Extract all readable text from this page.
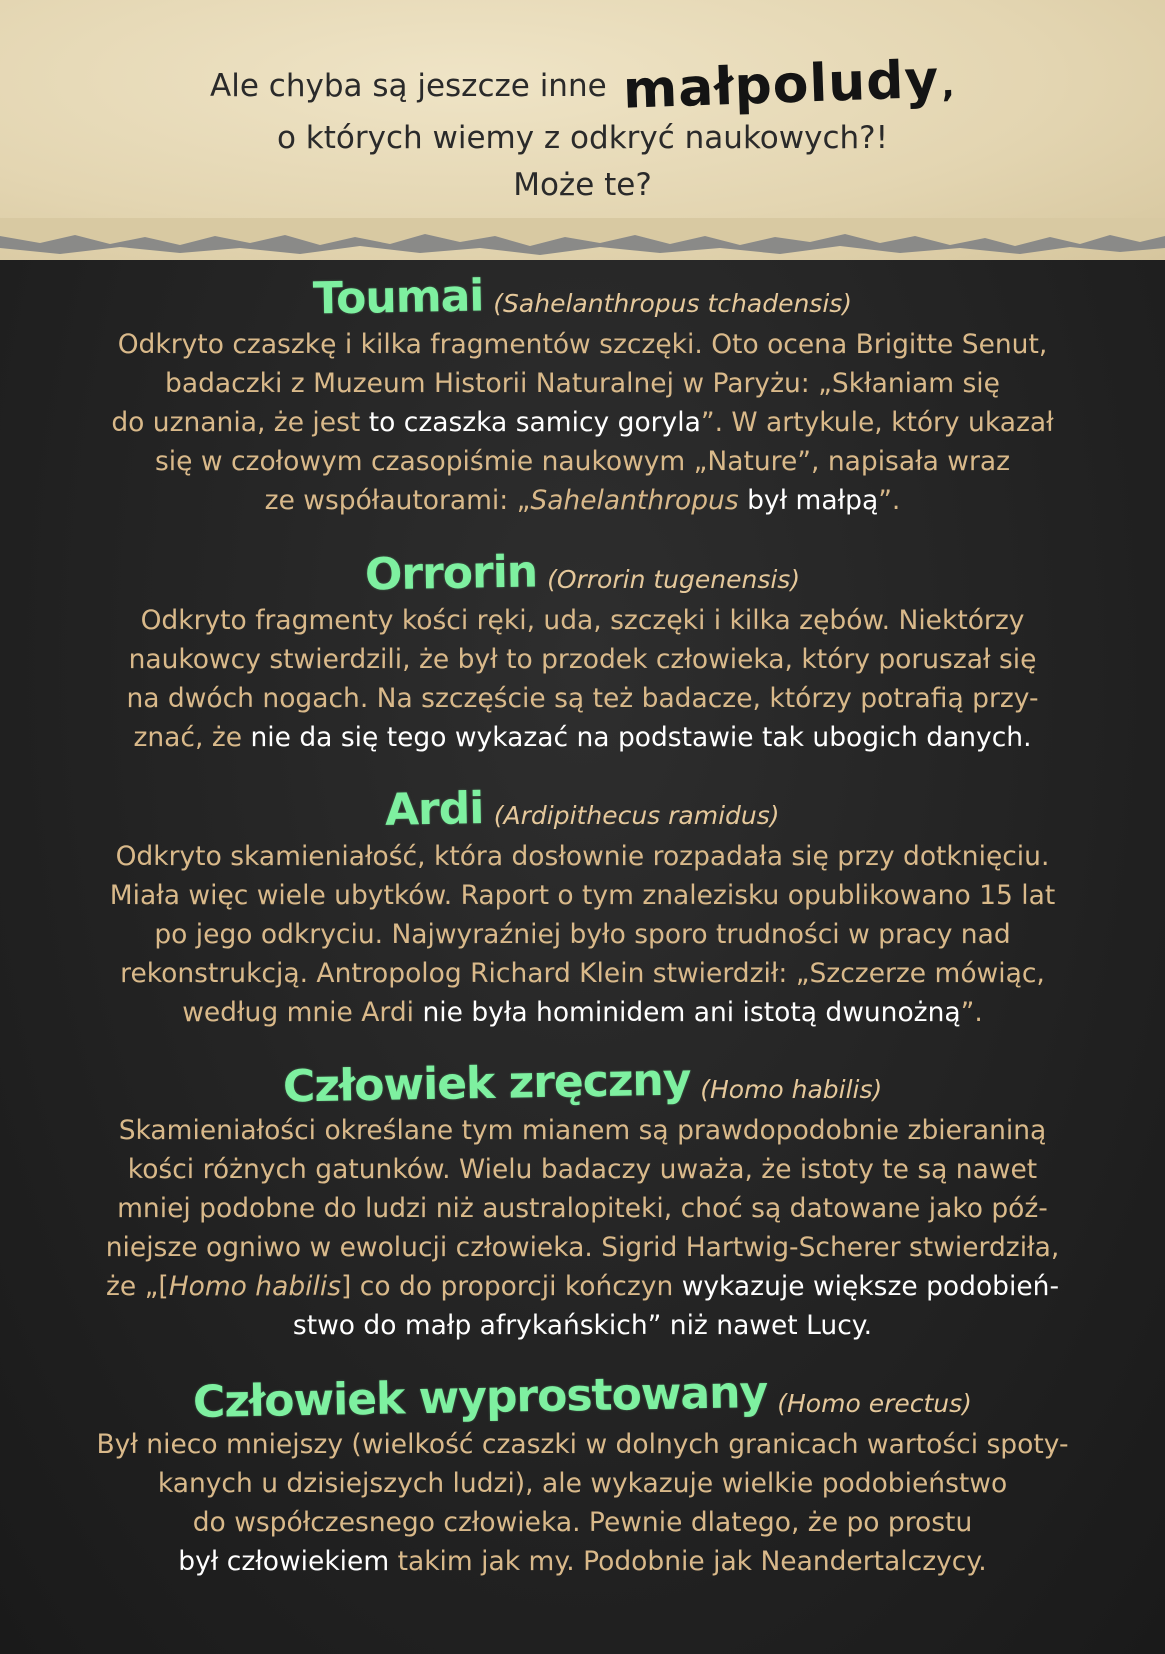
Ale chyba są jeszcze inne małpoludy,
o których wiemy z odkryć naukowych?!
Może te?
Toumai (Sahelanthropus tchadensis)
Odkryto czaszkę i kilka fragmentów szczęki. Oto ocena Brigitte Senut,
badaczki z Muzeum Historii Naturalnej w Paryżu: „Skłaniam się
do uznania, że jest to czaszka samicy goryla”. W artykule, który ukazał
się w czołowym czasopiśmie naukowym „Nature”, napisała wraz
ze współautorami: „Sahelanthropus był małpą”.
Orrorin (Orrorin tugenensis)
Odkryto fragmenty kości ręki, uda, szczęki i kilka zębów. Niektórzy
naukowcy stwierdzili, że był to przodek człowieka, który poruszał się
na dwóch nogach. Na szczęście są też badacze, którzy potrafią przy-
znać, że nie da się tego wykazać na podstawie tak ubogich danych.
Ardi (Ardipithecus ramidus)
Odkryto skamieniałość, która dosłownie rozpadała się przy dotknięciu.
Miała więc wiele ubytków. Raport o tym znalezisku opublikowano 15 lat
po jego odkryciu. Najwyraźniej było sporo trudności w pracy nad
rekonstrukcją. Antropolog Richard Klein stwierdził: „Szczerze mówiąc,
według mnie Ardi nie była hominidem ani istotą dwunożną”.
Człowiek zręczny (Homo habilis)
Skamieniałości określane tym mianem są prawdopodobnie zbieraniną
kości różnych gatunków. Wielu badaczy uważa, że istoty te są nawet
mniej podobne do ludzi niż australopiteki, choć są datowane jako póź-
niejsze ogniwo w ewolucji człowieka. Sigrid Hartwig-Scherer stwierdziła,
że „[Homo habilis] co do proporcji kończyn wykazuje większe podobień-
stwo do małp afrykańskich” niż nawet Lucy.
Człowiek wyprostowany (Homo erectus)
Był nieco mniejszy (wielkość czaszki w dolnych granicach wartości spoty-
kanych u dzisiejszych ludzi), ale wykazuje wielkie podobieństwo
do współczesnego człowieka. Pewnie dlatego, że po prostu
był człowiekiem takim jak my. Podobnie jak Neandertalczycy.
